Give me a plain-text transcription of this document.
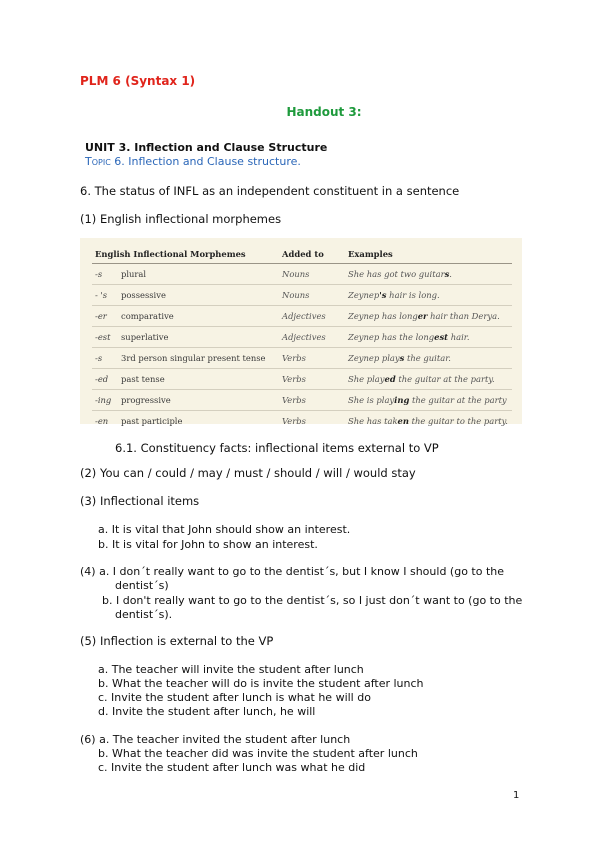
PLM 6 (Syntax 1)
Handout 3:
UNIT 3. Inflection and Clause Structure
Topic 6. Inflection and Clause structure.
6. The status of INFL as an independent constituent in a sentence
(1) English inflectional morphemes
English Inflectional Morphemes		Added to	Examples
-s	plural	Nouns	She has got two guitars.
- 's	possessive	Nouns	Zeynep's hair is long.
-er	comparative	Adjectives	Zeynep has longer hair than Derya.
-est	superlative	Adjectives	Zeynep has the longest hair.
-s	3rd person singular present tense	Verbs	Zeynep plays the guitar.
-ed	past tense	Verbs	She played the guitar at the party.
-ing	progressive	Verbs	She is playing the guitar at the party
-en	past participle	Verbs	She has taken the guitar to the party.
6.1. Constituency facts: inflectional items external to VP
(2) You can / could / may / must / should / will / would stay
(3) Inflectional items
a. It is vital that John should show an interest.
b. It is vital for John to show an interest.
(4) a. I don´t really want to go to the dentist´s, but I know I should (go to the
dentist´s)
b. I don't really want to go to the dentist´s, so I just don´t want to (go to the
dentist´s).
(5) Inflection is external to the VP
a. The teacher will invite the student after lunch
b. What the teacher will do is invite the student after lunch
c. Invite the student after lunch is what he will do
d. Invite the student after lunch, he will
(6) a. The teacher invited the student after lunch
b. What the teacher did was invite the student after lunch
c. Invite the student after lunch was what he did
1
